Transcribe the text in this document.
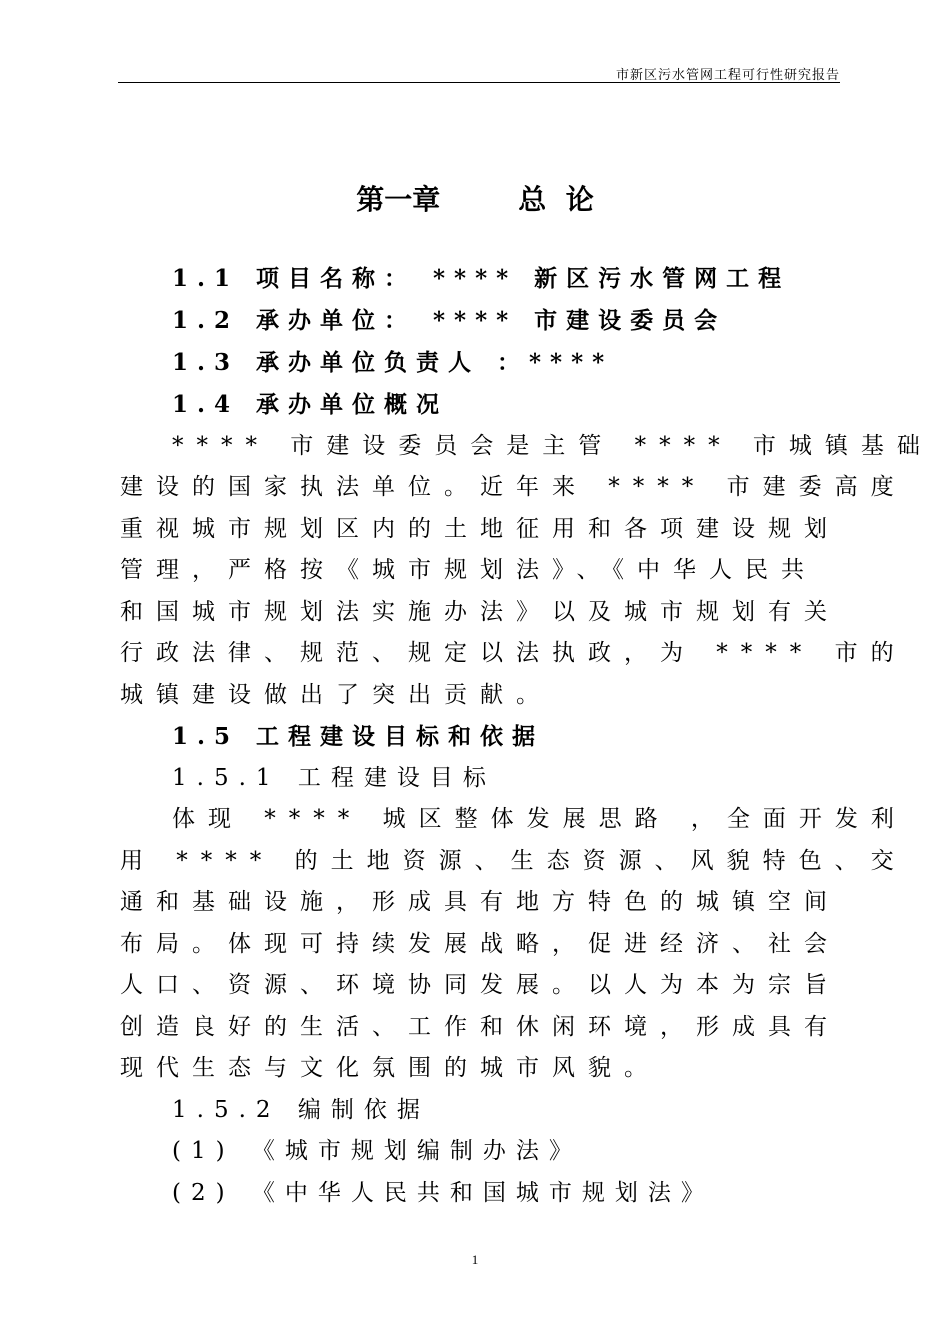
市新区污水管网工程可行性研究报告
第一章	总  论
1.1 项目名称： **** 新区污水管网工程
1.2 承办单位： **** 市建设委员会
1.3 承办单位负责人 ：****
1.4 承办单位概况
**** 市建设委员会是主管 **** 市城镇基础
建设的国家执法单位。近年来 **** 市建委高度
重视城市规划区内的土地征用和各项建设规划
管理，严格按《城市规划法》、《中华人民共
和国城市规划法实施办法》以及城市规划有关
行政法律、规范、规定以法执政，为 **** 市的
城镇建设做出了突出贡献。
1.5 工程建设目标和依据
1.5.1 工程建设目标
体现 **** 城区整体发展思路 ，全面开发利
用 **** 的土地资源、生态资源、风貌特色、交
通和基础设施，形成具有地方特色的城镇空间
布局。体现可持续发展战略，促进经济、社会
人口、资源、环境协同发展。以人为本为宗旨
创造良好的生活、工作和休闲环境，形成具有
现代生态与文化氛围的城市风貌。
1.5.2 编制依据
(1) 《城市规划编制办法》
(2) 《中华人民共和国城市规划法》
1
